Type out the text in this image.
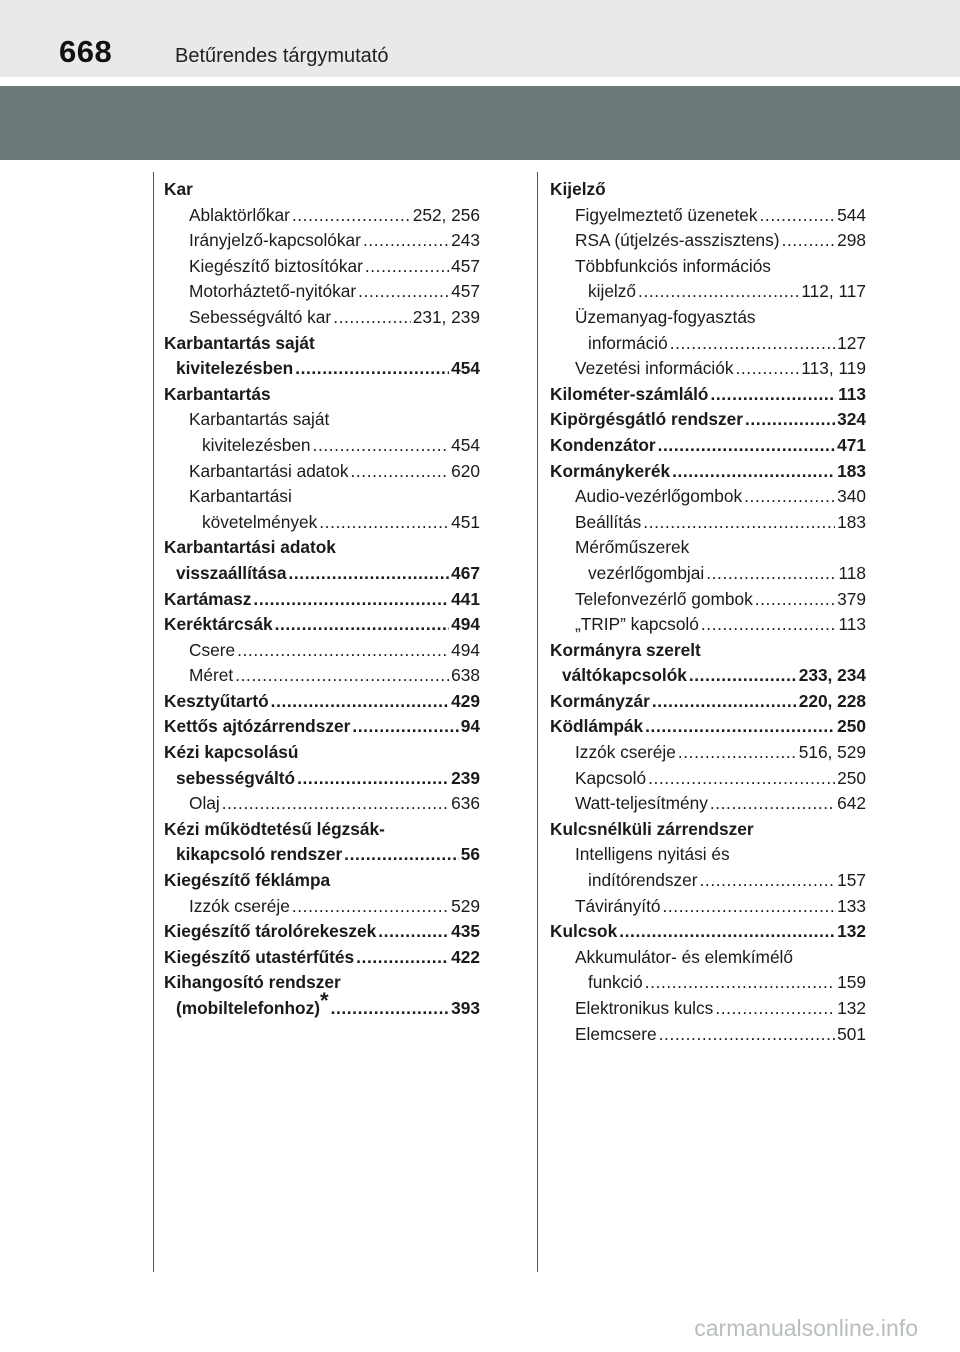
668	Betűrendes tárgymutató
Kar
Ablaktörlőkar .....	252, 256
Irányjelző-kapcsolókar .....	243
Kiegészítő biztosítókar .....	457
Motorháztető-nyitókar .....	457
Sebességváltó kar .....	231, 239
Karbantartás saját
kivitelezésben .....	454
Karbantartás
Karbantartás saját
kivitelezésben .....	454
Karbantartási adatok .....	620
Karbantartási
követelmények .....	451
Karbantartási adatok
visszaállítása .....	467
Kartámasz .....	441
Keréktárcsák .....	494
Csere .....	494
Méret .....	638
Kesztyűtartó .....	429
Kettős ajtózárrendszer .....	94
Kézi kapcsolású
sebességváltó .....	239
Olaj .....	636
Kézi működtetésű légzsák-
kikapcsoló rendszer .....	56
Kiegészítő féklámpa
Izzók cseréje .....	529
Kiegészítő tárolórekeszek .....	435
Kiegészítő utastérfűtés .....	422
Kihangosító rendszer
(mobiltelefonhoz) * .....	393
Kijelző
Figyelmeztető üzenetek .....	544
RSA (útjelzés-asszisztens) .....	298
Többfunkciós információs
kijelző .....	112, 117
Üzemanyag-fogyasztás
információ .....	127
Vezetési információk .....	113, 119
Kilométer-számláló .....	113
Kipörgésgátló rendszer .....	324
Kondenzátor .....	471
Kormánykerék .....	183
Audio-vezérlőgombok .....	340
Beállítás .....	183
Mérőműszerek
vezérlőgombjai .....	118
Telefonvezérlő gombok .....	379
„TRIP” kapcsoló .....	113
Kormányra szerelt
váltókapcsolók .....	233, 234
Kormányzár .....	220, 228
Ködlámpák .....	250
Izzók cseréje .....	516, 529
Kapcsoló .....	250
Watt-teljesítmény .....	642
Kulcsnélküli zárrendszer
Intelligens nyitási és
indítórendszer .....	157
Távirányító .....	133
Kulcsok .....	132
Akkumulátor- és elemkímélő
funkció .....	159
Elektronikus kulcs .....	132
Elemcsere .....	501
carmanualsonline.info
